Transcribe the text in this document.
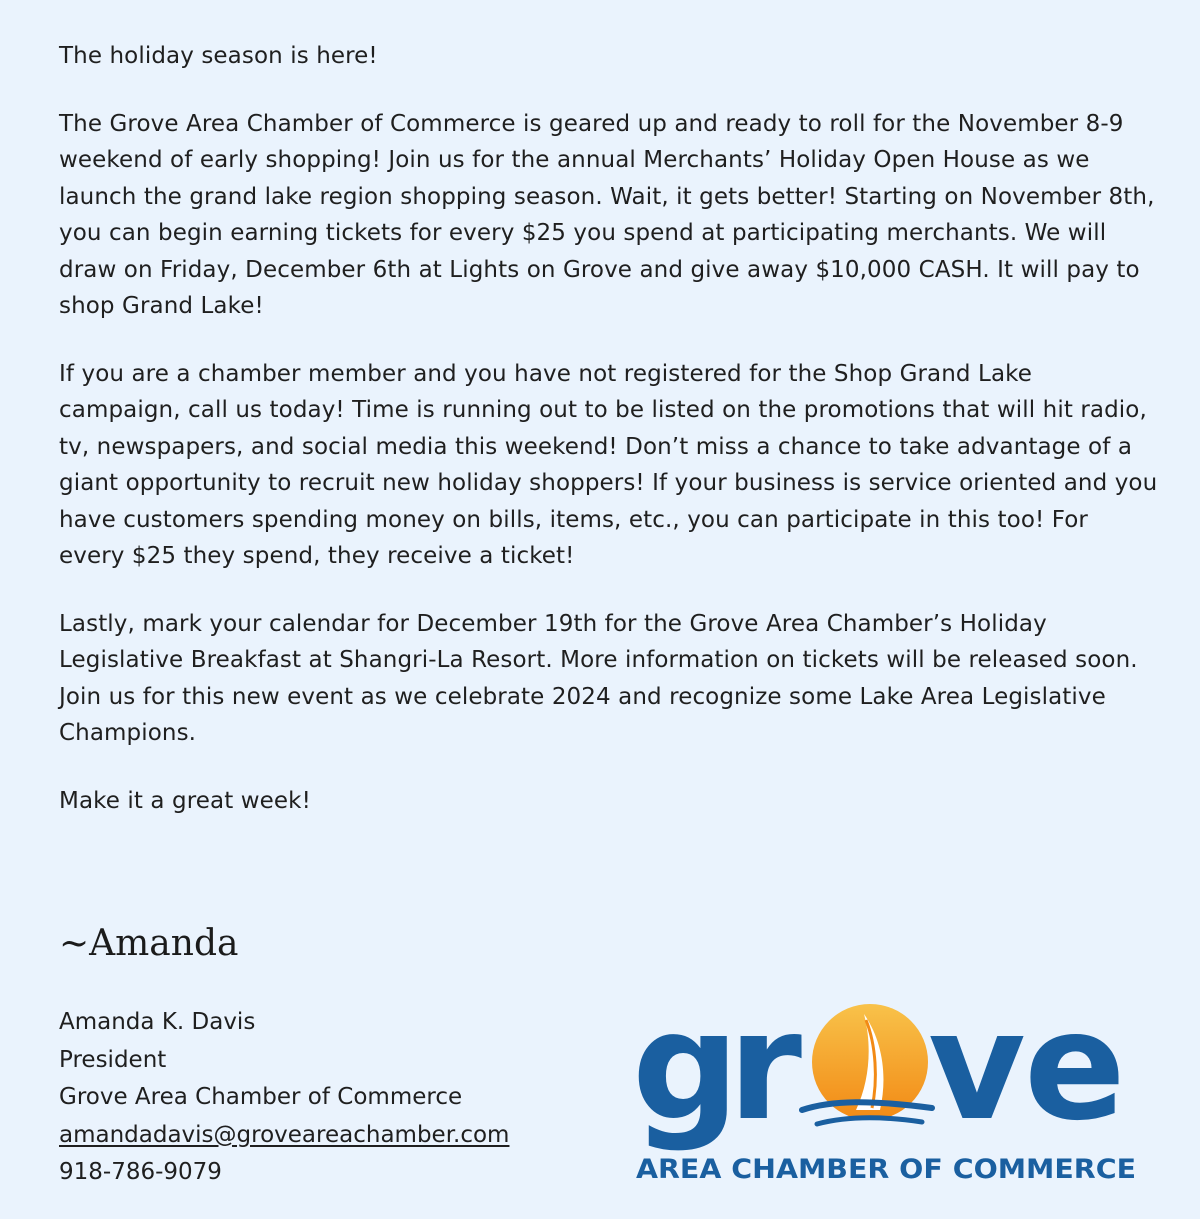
The holiday season is here!

The Grove Area Chamber of Commerce is geared up and ready to roll for the November 8-9 weekend of early shopping! Join us for the annual Merchants’ Holiday Open House as we launch the grand lake region shopping season. Wait, it gets better! Starting on November 8th, you can begin earning tickets for every $25 you spend at participating merchants. We will draw on Friday, December 6th at Lights on Grove and give away $10,000 CASH. It will pay to shop Grand Lake!

If you are a chamber member and you have not registered for the Shop Grand Lake campaign, call us today! Time is running out to be listed on the promotions that will hit radio, tv, newspapers, and social media this weekend! Don’t miss a chance to take advantage of a giant opportunity to recruit new holiday shoppers! If your business is service oriented and you have customers spending money on bills, items, etc., you can participate in this too! For every $25 they spend, they receive a ticket!

Lastly, mark your calendar for December 19th for the Grove Area Chamber’s Holiday Legislative Breakfast at Shangri-La Resort. More information on tickets will be released soon. Join us for this new event as we celebrate 2024 and recognize some Lake Area Legislative Champions.

Make it a great week!

~Amanda

Amanda K. Davis
President
Grove Area Chamber of Commerce
amandadavis@groveareachamber.com
918-786-9079
g
r v
e
AREA CHAMBER OF COMMERCE
